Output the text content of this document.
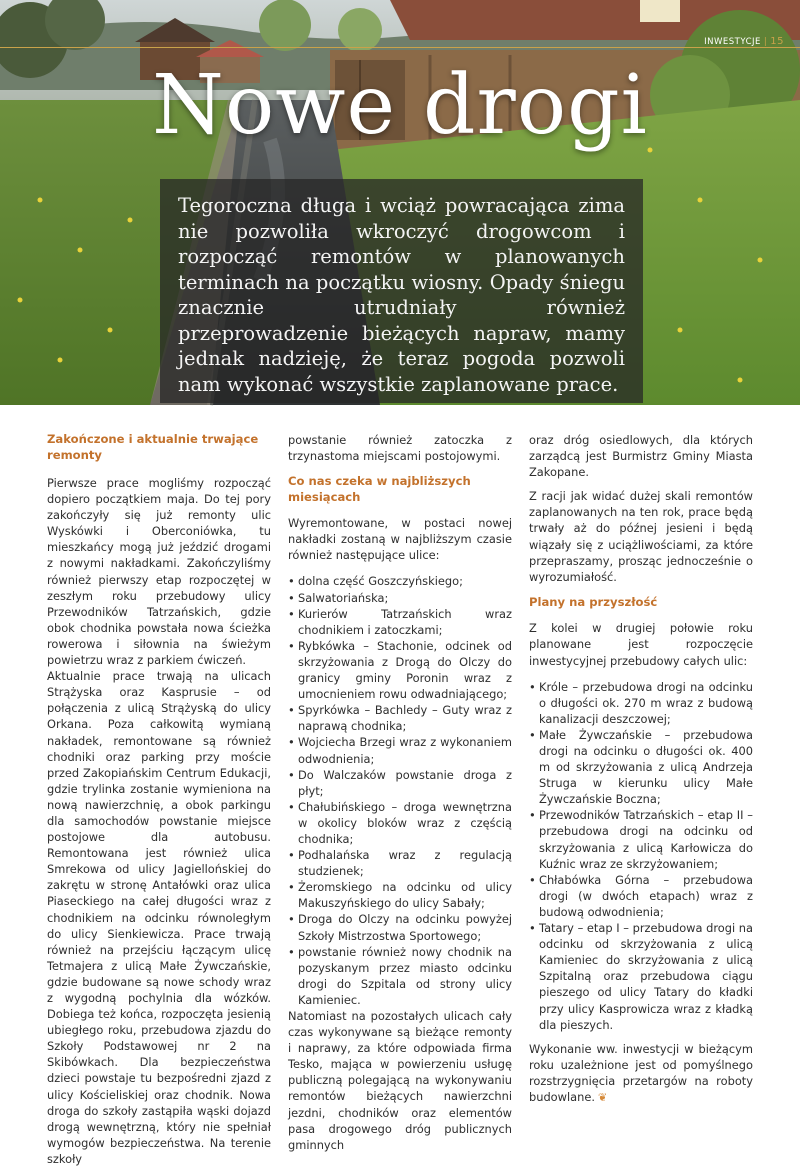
INWESTYCJE | 15
Nowe drogi

Tegoroczna długa i wciąż powracająca zima nie pozwoliła wkroczyć drogowcom i rozpocząć remontów w planowanych terminach na początku wiosny. Opady śniegu znacznie utrudniały również przeprowadzenie bieżących napraw, mamy jednak nadzieję, że teraz pogoda pozwoli nam wykonać wszystkie zaplanowane prace.

Zakończone i aktualnie trwające remonty

Pierwsze prace mogliśmy rozpocząć dopiero początkiem maja. Do tej pory zakończyły się już remonty ulic Wyskówki i Oberconiówka, tu mieszkańcy mogą już jeździć drogami z nowymi nakładkami. Zakończyliśmy również pierwszy etap rozpoczętej w zeszłym roku przebudowy ulicy Przewodników Tatrzańskich, gdzie obok chodnika powstała nowa ścieżka rowerowa i siłownia na świeżym powietrzu wraz z parkiem ćwiczeń.

Aktualnie prace trwają na ulicach Strążyska oraz Kasprusie – od połączenia z ulicą Strążyską do ulicy Orkana. Poza całkowitą wymianą nakładek, remontowane są również chodniki oraz parking przy moście przed Zakopiańskim Centrum Edukacji, gdzie trylinka zostanie wymieniona na nową nawierzchnię, a obok parkingu dla samochodów powstanie miejsce postojowe dla autobusu. Remontowana jest również ulica Smrekowa od ulicy Jagiellońskiej do zakrętu w stronę Antałówki oraz ulica Piaseckiego na całej długości wraz z chodnikiem na odcinku równoległym do ulicy Sienkiewicza. Prace trwają również na przejściu łączącym ulicę Tetmajera z ulicą Małe Żywczańskie, gdzie budowane są nowe schody wraz z wygodną pochylnia dla wózków. Dobiega też końca, rozpoczęta jesienią ubiegłego roku, przebudowa zjazdu do Szkoły Podstawowej nr 2 na Skibówkach. Dla bezpieczeństwa dzieci powstaje tu bezpośredni zjazd z ulicy Kościeliskiej oraz chodnik. Nowa droga do szkoły zastąpiła wąski dojazd drogą wewnętrzną, który nie spełniał wymogów bezpieczeństwa. Na terenie szkoły

powstanie również zatoczka z trzynastoma miejscami postojowymi.

Co nas czeka w najbliższych miesiącach

Wyremontowane, w postaci nowej nakładki zostaną w najbliższym czasie również następujące ulice:

• dolna część Goszczyńskiego;
• Salwatoriańska;
• Kurierów Tatrzańskich wraz chodnikiem i zatoczkami;
• Rybkówka – Stachonie, odcinek od skrzyżowania z Drogą do Olczy do granicy gminy Poronin wraz z umocnieniem rowu odwadniającego;
• Spyrkówka – Bachledy – Guty wraz z naprawą chodnika;
• Wojciecha Brzegi wraz z wykonaniem odwodnienia;
• Do Walczaków powstanie droga z płyt;
• Chałubińskiego – droga wewnętrzna w okolicy bloków wraz z częścią chodnika;
• Podhalańska wraz z regulacją studzienek;
• Żeromskiego na odcinku od ulicy Makuszyńskiego do ulicy Sabały;
• Droga do Olczy na odcinku powyżej Szkoły Mistrzostwa Sportowego;
• powstanie również nowy chodnik na pozyskanym przez miasto odcinku drogi do Szpitala od strony ulicy Kamieniec.

Natomiast na pozostałych ulicach cały czas wykonywane są bieżące remonty i naprawy, za które odpowiada firma Tesko, mająca w powierzeniu usługę publiczną polegającą na wykonywaniu remontów bieżących nawierzchni jezdni, chodników oraz elementów pasa drogowego dróg publicznych gminnych

oraz dróg osiedlowych, dla których zarządcą jest Burmistrz Gminy Miasta Zakopane.

Z racji jak widać dużej skali remontów zaplanowanych na ten rok, prace będą trwały aż do późnej jesieni i będą wiązały się z uciążliwościami, za które przepraszamy, prosząc jednocześnie o wyrozumiałość.

Plany na przyszłość

Z kolei w drugiej połowie roku planowane jest rozpoczęcie inwestycyjnej przebudowy całych ulic:

• Króle – przebudowa drogi na odcinku o długości ok. 270 m wraz z budową kanalizacji deszczowej;
• Małe Żywczańskie – przebudowa drogi na odcinku o długości ok. 400 m od skrzyżowania z ulicą Andrzeja Struga w kierunku ulicy Małe Żywczańskie Boczna;
• Przewodników Tatrzańskich – etap II – przebudowa drogi na odcinku od skrzyżowania z ulicą Karłowicza do Kuźnic wraz ze skrzyżowaniem;
• Chłabówka Górna – przebudowa drogi (w dwóch etapach) wraz z budową odwodnienia;
• Tatary – etap I – przebudowa drogi na odcinku od skrzyżowania z ulicą Kamieniec do skrzyżowania z ulicą Szpitalną oraz przebudowa ciągu pieszego od ulicy Tatary do kładki przy ulicy Kasprowicza wraz z kładką dla pieszych.

Wykonanie ww. inwestycji w bieżącym roku uzależnione jest od pomyślnego rozstrzygnięcia przetargów na roboty budowlane. ❦
